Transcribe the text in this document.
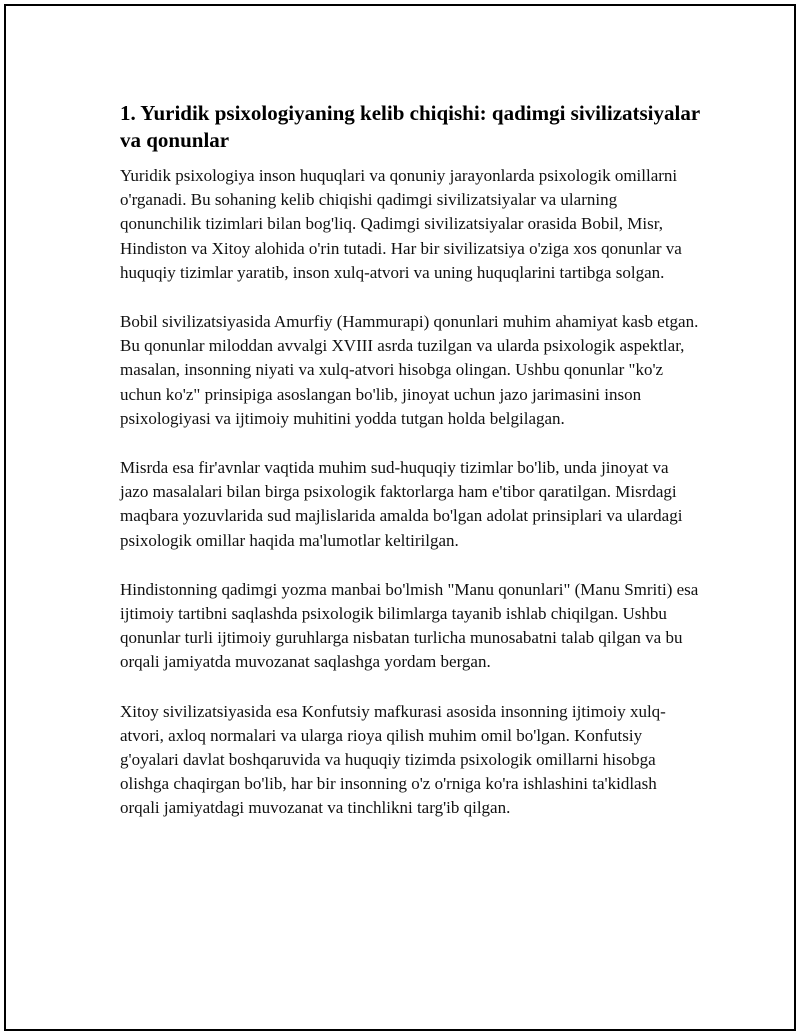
1. Yuridik psixologiyaning kelib chiqishi: qadimgi sivilizatsiyalar va qonunlar

Yuridik psixologiya inson huquqlari va qonuniy jarayonlarda psixologik omillarni o'rganadi. Bu sohaning kelib chiqishi qadimgi sivilizatsiyalar va ularning qonunchilik tizimlari bilan bog'liq. Qadimgi sivilizatsiyalar orasida Bobil, Misr, Hindiston va Xitoy alohida o'rin tutadi. Har bir sivilizatsiya o'ziga xos qonunlar va huquqiy tizimlar yaratib, inson xulq-atvori va uning huquqlarini tartibga solgan.

Bobil sivilizatsiyasida Amurfiy (Hammurapi) qonunlari muhim ahamiyat kasb etgan. Bu qonunlar miloddan avvalgi XVIII asrda tuzilgan va ularda psixologik aspektlar, masalan, insonning niyati va xulq-atvori hisobga olingan. Ushbu qonunlar "ko'z uchun ko'z" prinsipiga asoslangan bo'lib, jinoyat uchun jazo jarimasini inson psixologiyasi va ijtimoiy muhitini yodda tutgan holda belgilagan.

Misrda esa fir'avnlar vaqtida muhim sud-huquqiy tizimlar bo'lib, unda jinoyat va jazo masalalari bilan birga psixologik faktorlarga ham e'tibor qaratilgan. Misrdagi maqbara yozuvlarida sud majlislarida amalda bo'lgan adolat prinsiplari va ulardagi psixologik omillar haqida ma'lumotlar keltirilgan.

Hindistonning qadimgi yozma manbai bo'lmish "Manu qonunlari" (Manu Smriti) esa ijtimoiy tartibni saqlashda psixologik bilimlarga tayanib ishlab chiqilgan. Ushbu qonunlar turli ijtimoiy guruhlarga nisbatan turlicha munosabatni talab qilgan va bu orqali jamiyatda muvozanat saqlashga yordam bergan.

Xitoy sivilizatsiyasida esa Konfutsiy mafkurasi asosida insonning ijtimoiy xulq-atvori, axloq normalari va ularga rioya qilish muhim omil bo'lgan. Konfutsiy g'oyalari davlat boshqaruvida va huquqiy tizimda psixologik omillarni hisobga olishga chaqirgan bo'lib, har bir insonning o'z o'rniga ko'ra ishlashini ta'kidlash orqali jamiyatdagi muvozanat va tinchlikni targ'ib qilgan.
